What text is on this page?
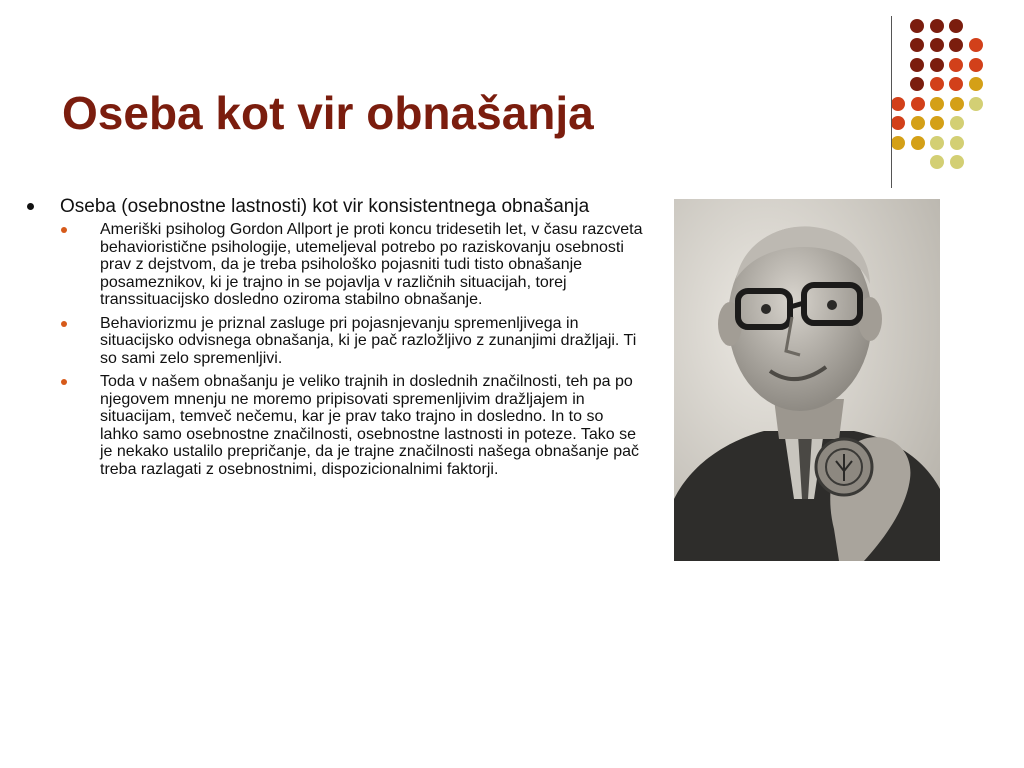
Oseba kot vir obnašanja
Oseba (osebnostne lastnosti) kot vir konsistentnega obnašanja
Ameriški psiholog Gordon Allport je proti koncu tridesetih let, v času razcveta behavioristične psihologije, utemeljeval potrebo po raziskovanju osebnosti prav z dejstvom, da je treba psihološko pojasniti tudi tisto obnašanje posameznikov, ki je trajno in se pojavlja v različnih situacijah, torej transsituacijsko dosledno oziroma stabilno obnašanje.
Behaviorizmu je priznal zasluge pri pojasnjevanju spremenljivega in situacijsko odvisnega obnašanja, ki je pač razložljivo z zunanjimi dražljaji. Ti so sami zelo spremenljivi.
Toda v našem obnašanju je veliko trajnih in doslednih značilnosti, teh pa po njegovem mnenju ne moremo pripisovati spremenljivim dražljajem in situacijam, temveč nečemu, kar je prav tako trajno in dosledno. In to so lahko samo osebnostne značilnosti, osebnostne lastnosti in poteze. Tako se je nekako ustalilo prepričanje, da je trajne značilnosti našega obnašanje pač treba razlagati z osebnostnimi, dispozicionalnimi faktorji.
